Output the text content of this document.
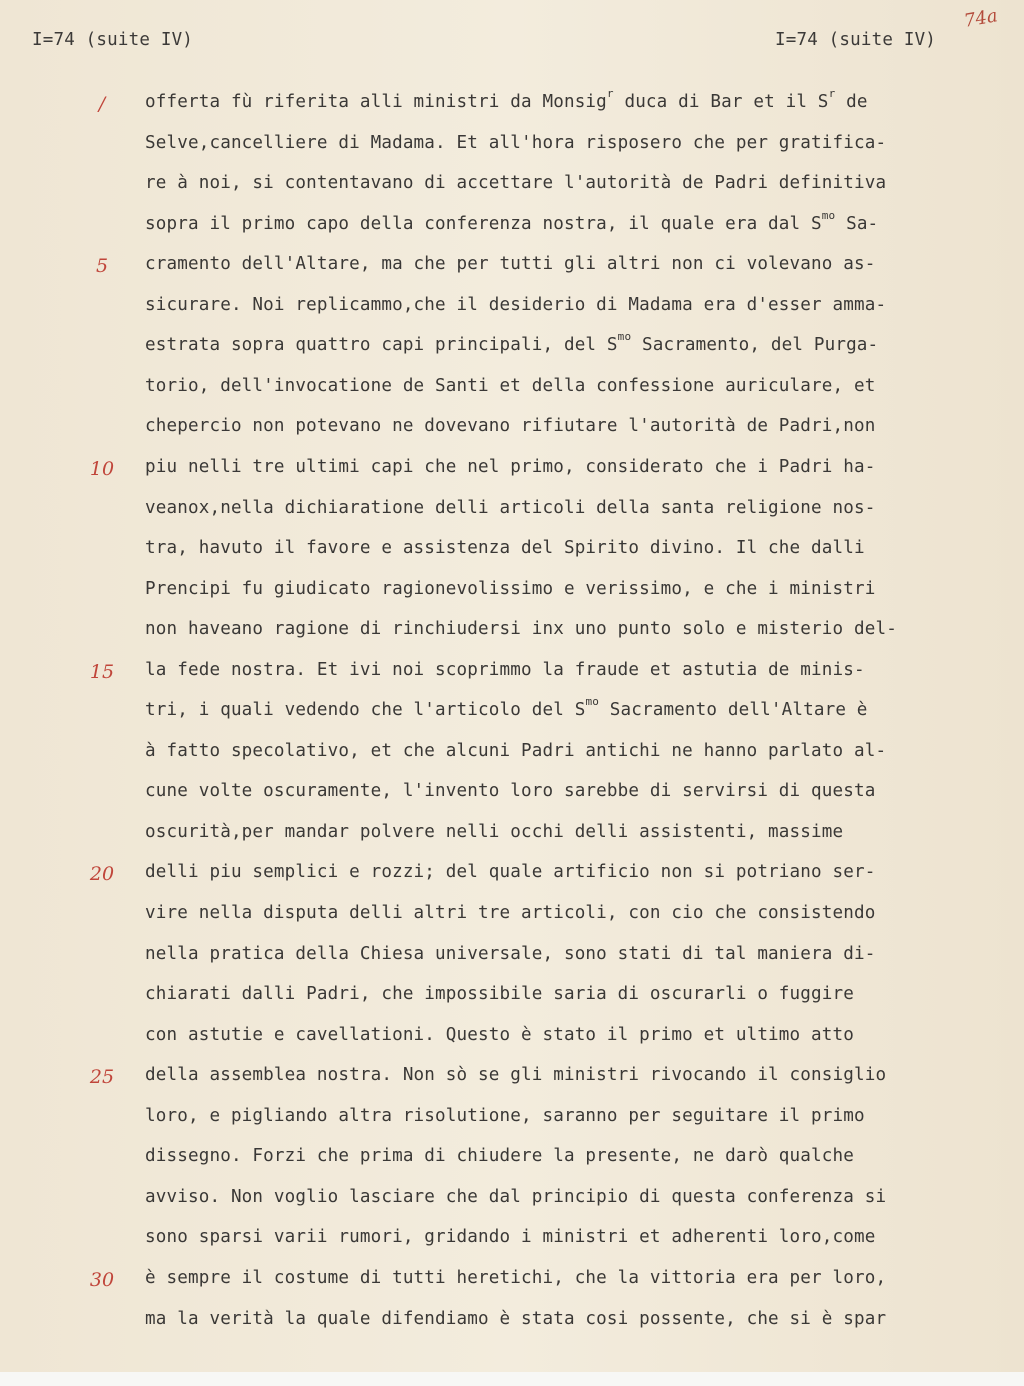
I=74 (suite IV)	I=74 (suite IV)
74a
offerta fù riferita alli ministri da Monsig$^r$ duca di Bar et il $S^r$ de
Selve,cancelliere di Madama. Et all'hora risposero che per gratifica-
re à noi, si contentavano di accettare l'autorità de Padri definitiva
sopra il primo capo della conferenza nostra, il quale era dal $S^{mo}$ Sa-
cramento dell'Altare, ma che per tutti gli altri non ci volevano as-
sicurare. Noi replicammo,che il desiderio di Madama era d'esser amma-
estrata sopra quattro capi principali, del $S^{mo}$ Sacramento, del Purga-
torio, dell'invocatione de Santi et della confessione auriculare, et
chepercio non potevano ne dovevano rifiutare l'autorità de Padri,non
piu nelli tre ultimi capi che nel primo, considerato che i Padri ha-
veanox,nella dichiaratione delli articoli della santa religione nos-
tra, havuto il favore e assistenza del Spirito divino. Il che dalli
Prencipi fu giudicato ragionevolissimo e verissimo, e che i ministri
non haveano ragione di rinchiudersi inx uno punto solo e misterio del-
la fede nostra. Et ivi noi scoprimmo la fraude et astutia de minis-
tri, i quali vedendo che l'articolo del $S^{mo}$ Sacramento dell'Altare è
à fatto specolativo, et che alcuni Padri antichi ne hanno parlato al-
cune volte oscuramente, l'invento loro sarebbe di servirsi di questa
oscurità,per mandar polvere nelli occhi delli assistenti, massime
delli piu semplici e rozzi; del quale artificio non si potriano ser-
vire nella disputa delli altri tre articoli, con cio che consistendo
nella pratica della Chiesa universale, sono stati di tal maniera di-
chiarati dalli Padri, che impossibile saria di oscurarli o fuggire
con astutie e cavellationi. Questo è stato il primo et ultimo atto
della assemblea nostra. Non sò se gli ministri rivocando il consiglio
loro, e pigliando altra risolutione, saranno per seguitare il primo
dissegno. Forzi che prima di chiudere la presente, ne darò qualche
avviso. Non voglio lasciare che dal principio di questa conferenza si
sono sparsi varii rumori, gridando i ministri et adherenti loro,come
è sempre il costume di tutti heretichi, che la vittoria era per loro,
ma la verità la quale difendiamo è stata cosi possente, che si è spar
/
5
10
15
20
25
30
